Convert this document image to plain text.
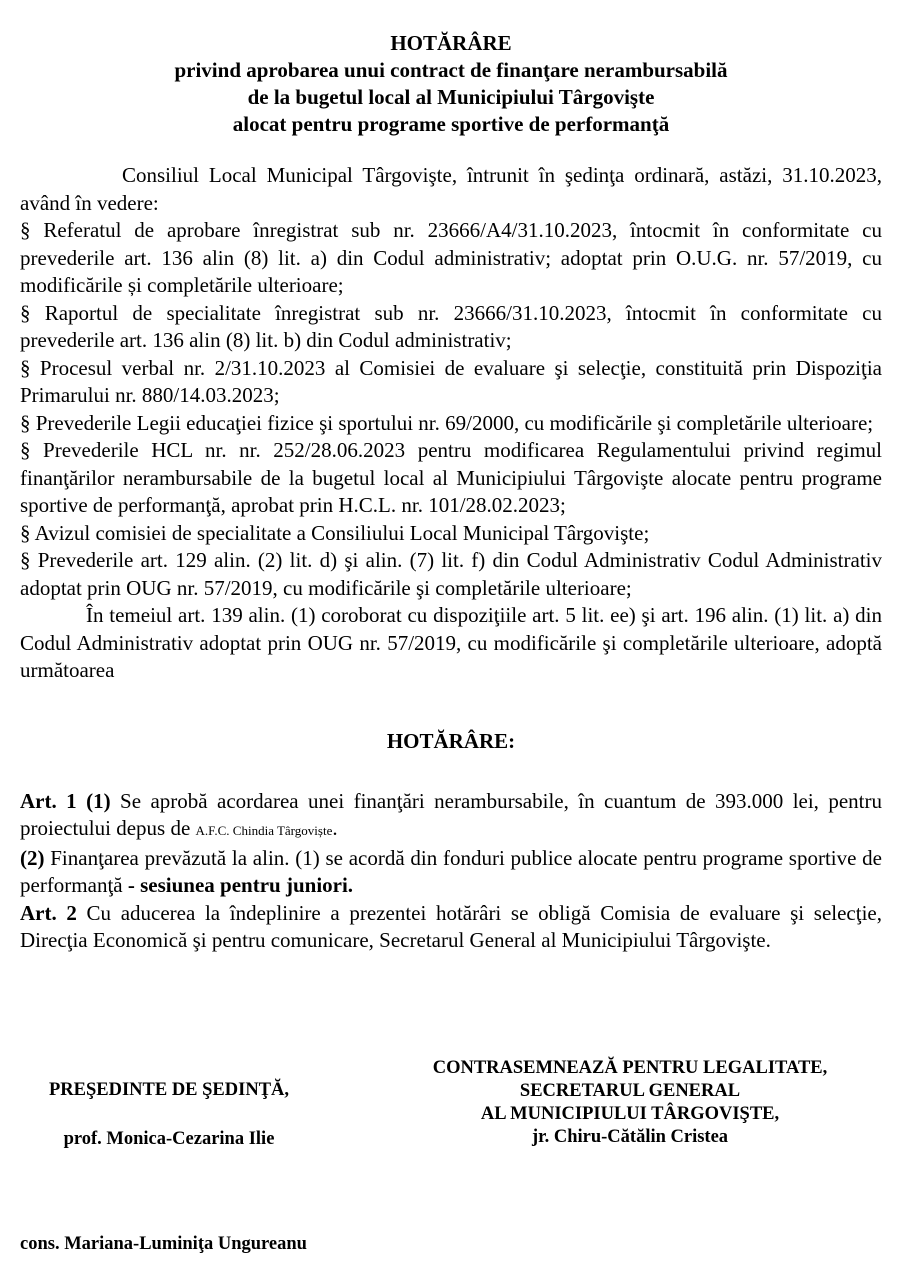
HOTĂRÂRE
privind aprobarea unui contract de finanţare nerambursabilă
de la bugetul local al Municipiului Târgovişte
alocat pentru programe sportive de performanţă

Consiliul Local Municipal Târgovişte, întrunit în şedinţa ordinară, astăzi, 31.10.2023, având în vedere:

§ Referatul de aprobare înregistrat sub nr. 23666/A4/31.10.2023, întocmit în conformitate cu prevederile art. 136 alin (8) lit. a) din Codul administrativ; adoptat prin O.U.G. nr. 57/2019, cu modificările și completările ulterioare;

§ Raportul de specialitate înregistrat sub nr. 23666/31.10.2023, întocmit în conformitate cu prevederile art. 136 alin (8) lit. b) din Codul administrativ;

§ Procesul verbal nr. 2/31.10.2023 al Comisiei de evaluare şi selecţie, constituită prin Dispoziţia Primarului nr. 880/14.03.2023;

§ Prevederile Legii educaţiei fizice şi sportului nr. 69/2000, cu modificările şi completările ulterioare;

§ Prevederile HCL nr. nr. 252/28.06.2023 pentru modificarea Regulamentului privind regimul finanţărilor nerambursabile de la bugetul local al Municipiului Târgovişte alocate pentru programe sportive de performanţă, aprobat prin H.C.L. nr. 101/28.02.2023;

§ Avizul comisiei de specialitate a Consiliului Local Municipal Târgovişte;

§ Prevederile art. 129 alin. (2) lit. d) şi alin. (7) lit. f) din Codul Administrativ Codul Administrativ adoptat prin OUG nr. 57/2019, cu modificările şi completările ulterioare;

În temeiul art. 139 alin. (1) coroborat cu dispoziţiile art. 5 lit. ee) şi art. 196 alin. (1) lit. a) din Codul Administrativ adoptat prin OUG nr. 57/2019, cu modificările şi completările ulterioare, adoptă următoarea

HOTĂRÂRE:

Art. 1 (1) Se aprobă acordarea unei finanţări nerambursabile, în cuantum de 393.000 lei, pentru proiectului depus de A.F.C. Chindia Târgoviște.

(2) Finanţarea prevăzută la alin. (1) se acordă din fonduri publice alocate pentru programe sportive de performanţă - sesiunea pentru juniori.

Art. 2 Cu aducerea la îndeplinire a prezentei hotărâri se obligă Comisia de evaluare şi selecţie, Direcţia Economică şi pentru comunicare, Secretarul General al Municipiului Târgovişte.

PREŞEDINTE DE ŞEDINŢĂ,
prof. Monica-Cezarina Ilie
CONTRASEMNEAZĂ PENTRU LEGALITATE,
SECRETARUL GENERAL
AL MUNICIPIULUI TÂRGOVIŞTE,
jr. Chiru-Cătălin Cristea
cons. Mariana-Luminiţa Ungureanu
